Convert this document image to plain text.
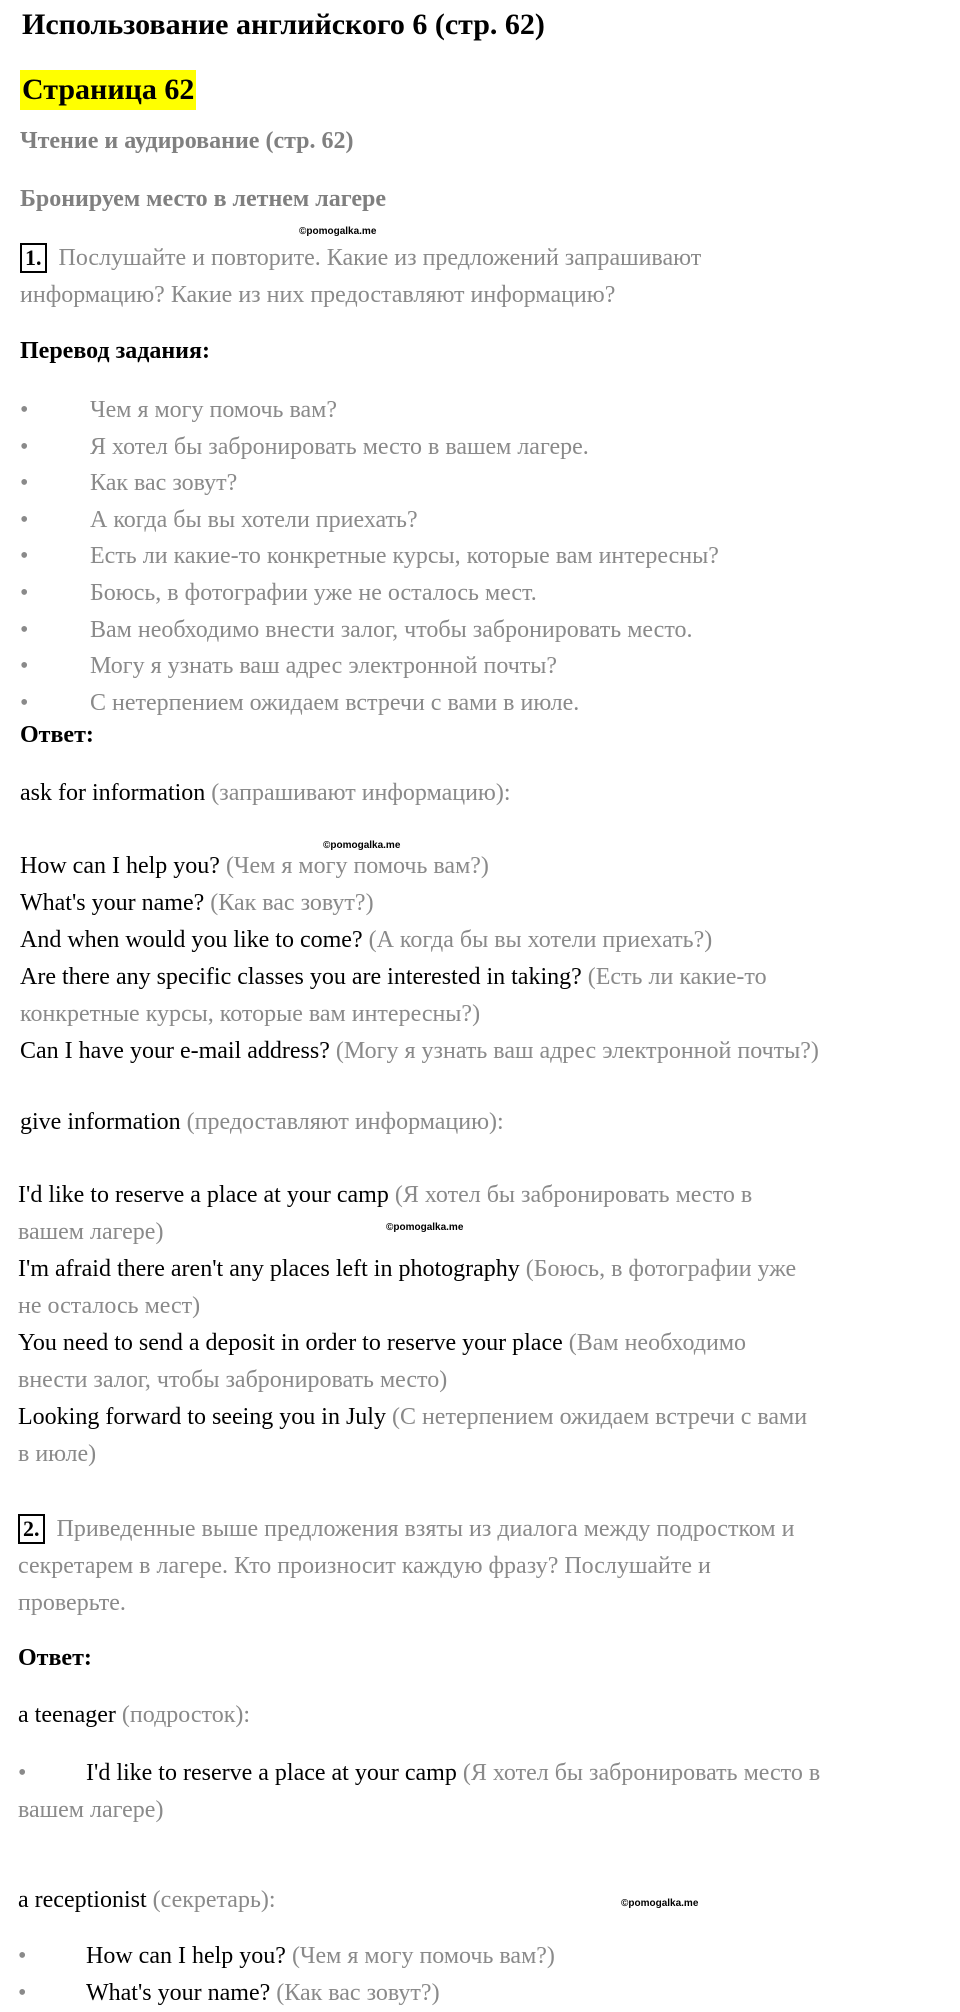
Использование английского 6 (стр. 62)
Страница 62
Чтение и аудирование (стр. 62)
Бронируем место в летнем лагере
©pomogalka.me
1. Послушайте и повторите. Какие из предложений запрашивают
информацию? Какие из них предоставляют информацию?
Перевод задания:
•	Чем я могу помочь вам?
•	Я хотел бы забронировать место в вашем лагере.
•	Как вас зовут?
•	А когда бы вы хотели приехать?
•	Есть ли какие-то конкретные курсы, которые вам интересны?
•	Боюсь, в фотографии уже не осталось мест.
•	Вам необходимо внести залог, чтобы забронировать место.
•	Могу я узнать ваш адрес электронной почты?
•	С нетерпением ожидаем встречи с вами в июле.
Ответ:
ask for information (запрашивают информацию):
©pomogalka.me
How can I help you? (Чем я могу помочь вам?)
What's your name? (Как вас зовут?)
And when would you like to come? (А когда бы вы хотели приехать?)
Are there any specific classes you are interested in taking? (Есть ли какие-то
конкретные курсы, которые вам интересны?)
Can I have your e-mail address? (Могу я узнать ваш адрес электронной почты?)
give information (предоставляют информацию):
I'd like to reserve a place at your camp (Я хотел бы забронировать место в
вашем лагере)
I'm afraid there aren't any places left in photography (Боюсь, в фотографии уже
не осталось мест)
You need to send a deposit in order to reserve your place (Вам необходимо
внести залог, чтобы забронировать место)
Looking forward to seeing you in July (С нетерпением ожидаем встречи с вами
в июле)
©pomogalka.me
2. Приведенные выше предложения взяты из диалога между подростком и
секретарем в лагере. Кто произносит каждую фразу? Послушайте и
проверьте.
Ответ:
a teenager (подросток):
• I'd like to reserve a place at your camp (Я хотел бы забронировать место в
вашем лагере)
a receptionist (секретарь):	©pomogalka.me
• How can I help you? (Чем я могу помочь вам?)
• What's your name? (Как вас зовут?)
